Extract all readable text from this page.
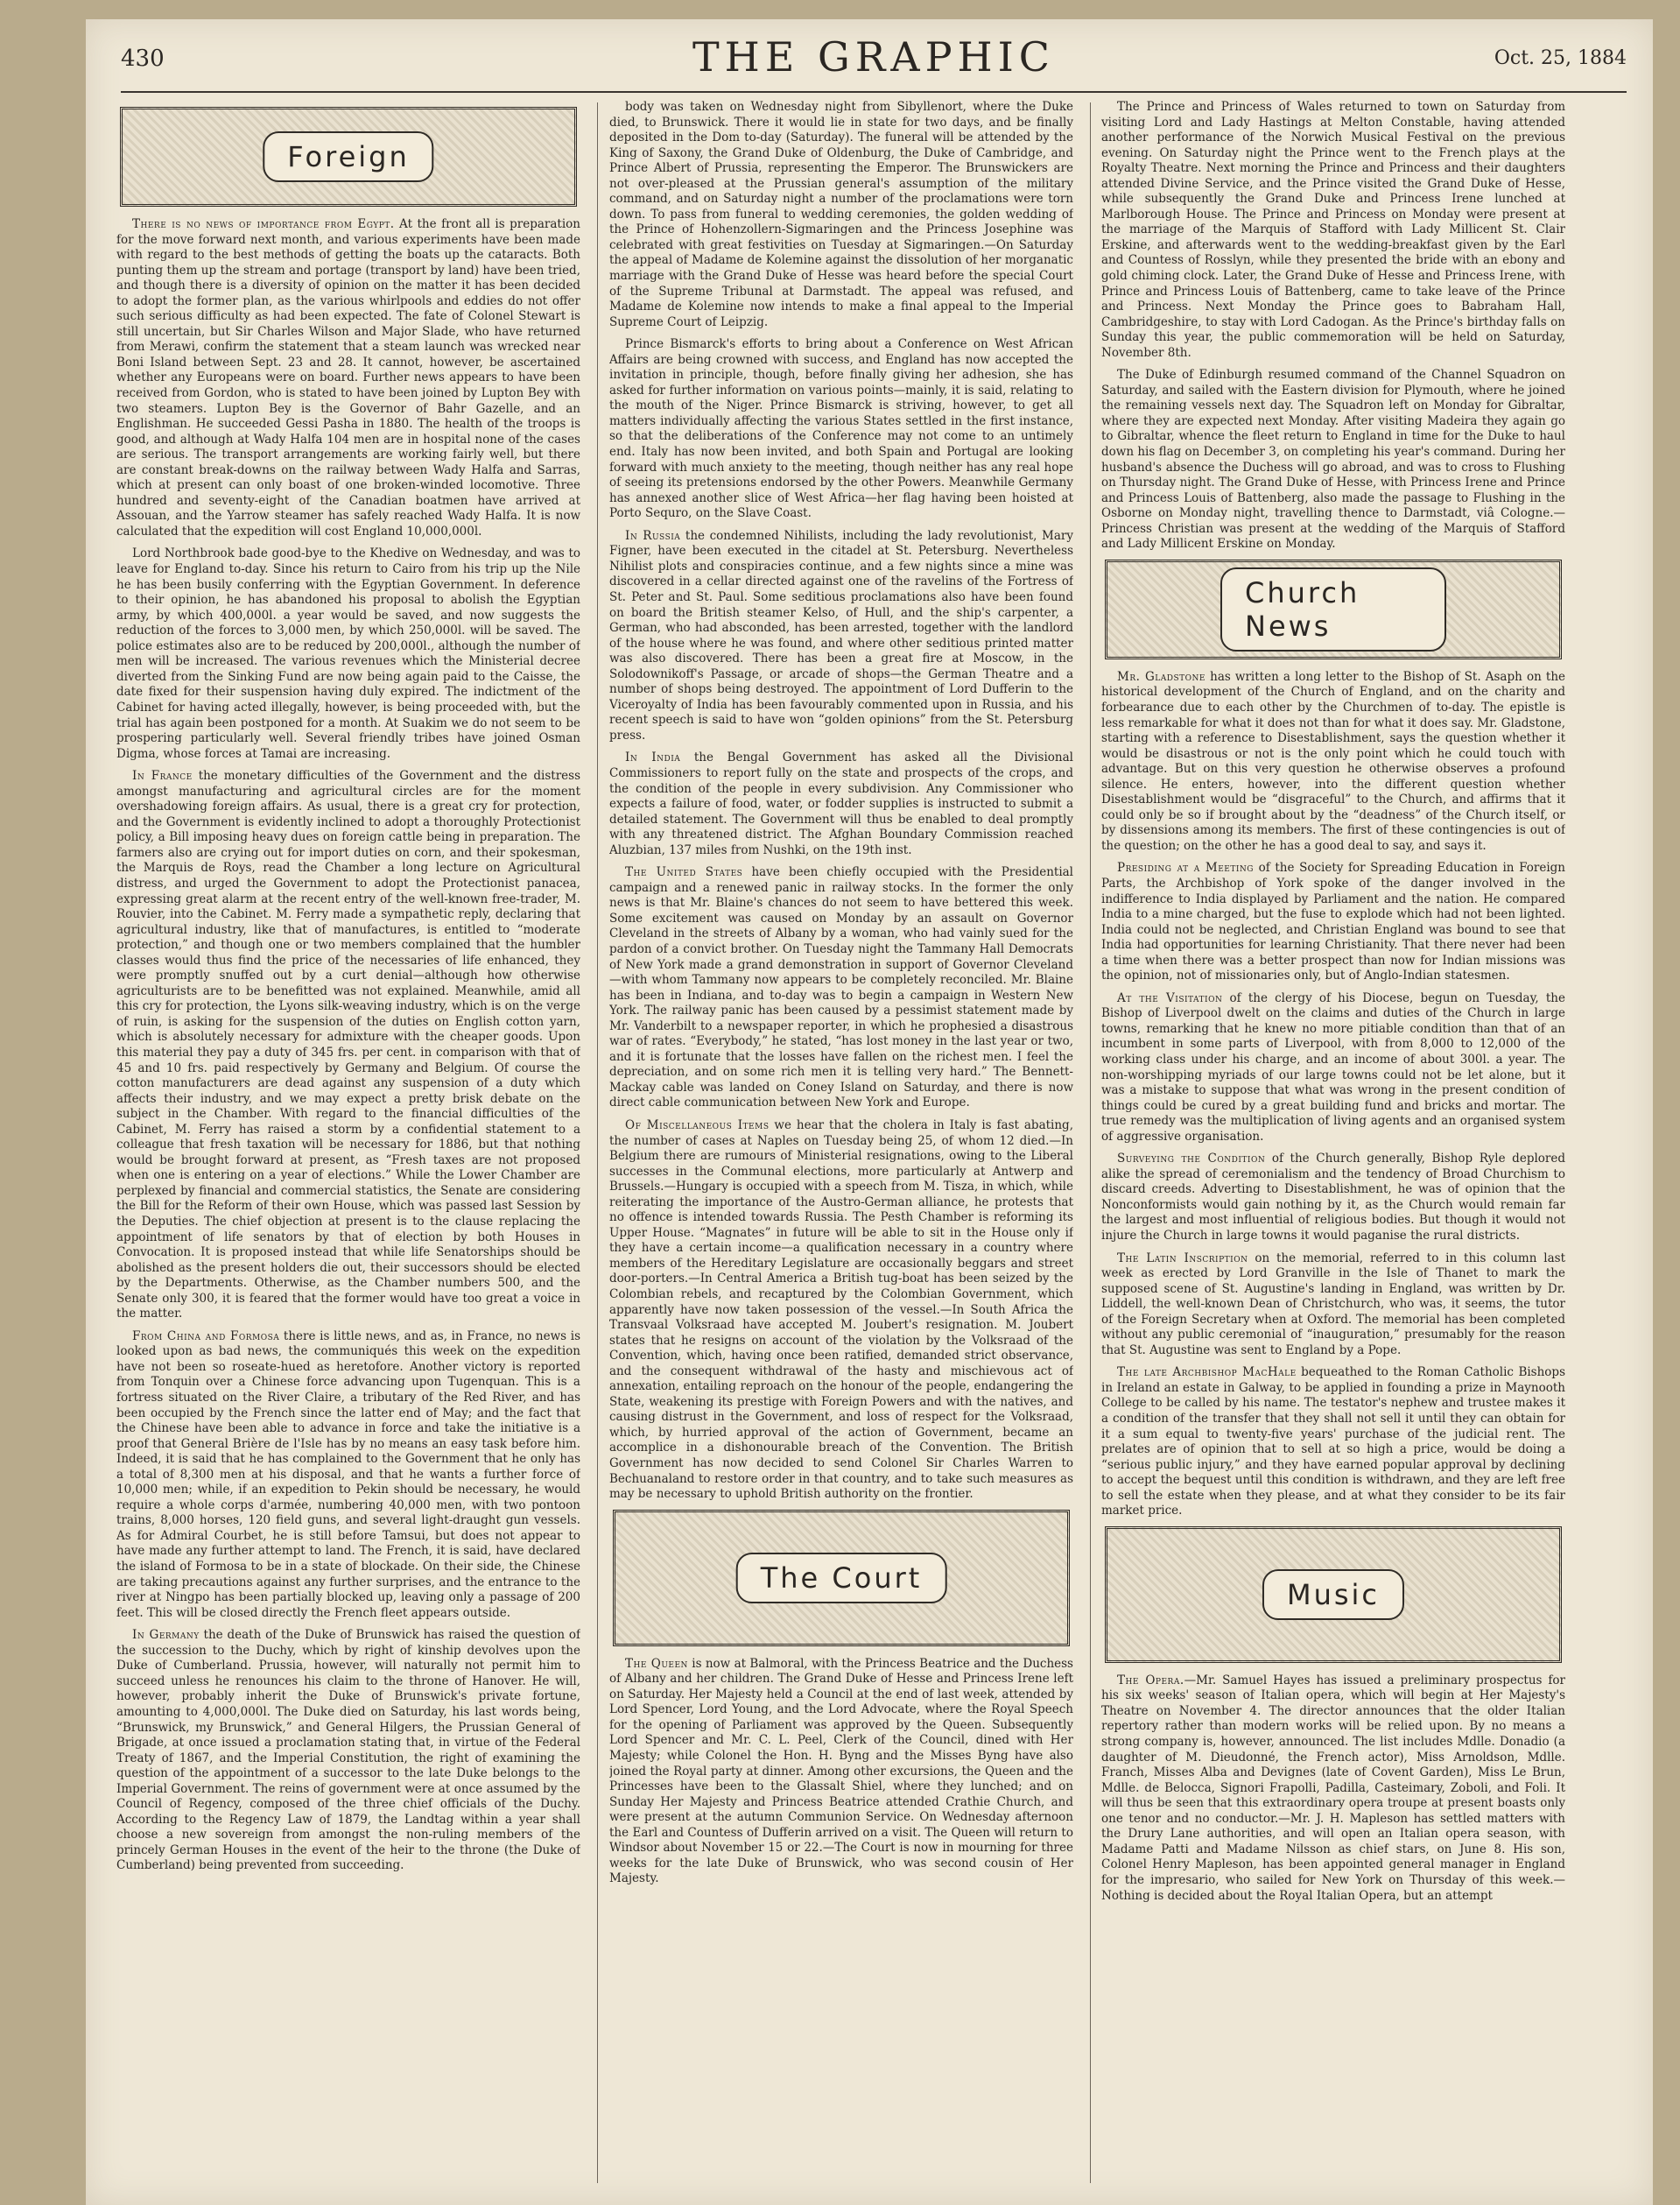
430	THE GRAPHIC	Oct. 25, 1884
Foreign

There is no news of importance from Egypt. At the front all is preparation for the move forward next month, and various experiments have been made with regard to the best methods of getting the boats up the cataracts. Both punting them up the stream and portage (transport by land) have been tried, and though there is a diversity of opinion on the matter it has been decided to adopt the former plan, as the various whirlpools and eddies do not offer such serious difficulty as had been expected. The fate of Colonel Stewart is still uncertain, but Sir Charles Wilson and Major Slade, who have returned from Merawi, confirm the statement that a steam launch was wrecked near Boni Island between Sept. 23 and 28. It cannot, however, be ascertained whether any Europeans were on board. Further news appears to have been received from Gordon, who is stated to have been joined by Lupton Bey with two steamers. Lupton Bey is the Governor of Bahr Gazelle, and an Englishman. He succeeded Gessi Pasha in 1880. The health of the troops is good, and although at Wady Halfa 104 men are in hospital none of the cases are serious. The transport arrangements are working fairly well, but there are constant break-downs on the railway between Wady Halfa and Sarras, which at present can only boast of one broken-winded locomotive. Three hundred and seventy-eight of the Canadian boatmen have arrived at Assouan, and the Yarrow steamer has safely reached Wady Halfa. It is now calculated that the expedition will cost England 10,000,000l.

Lord Northbrook bade good-bye to the Khedive on Wednesday, and was to leave for England to-day. Since his return to Cairo from his trip up the Nile he has been busily conferring with the Egyptian Government. In deference to their opinion, he has abandoned his proposal to abolish the Egyptian army, by which 400,000l. a year would be saved, and now suggests the reduction of the forces to 3,000 men, by which 250,000l. will be saved. The police estimates also are to be reduced by 200,000l., although the number of men will be increased. The various revenues which the Ministerial decree diverted from the Sinking Fund are now being again paid to the Caisse, the date fixed for their suspension having duly expired. The indictment of the Cabinet for having acted illegally, however, is being proceeded with, but the trial has again been postponed for a month. At Suakim we do not seem to be prospering particularly well. Several friendly tribes have joined Osman Digma, whose forces at Tamai are increasing.

In France the monetary difficulties of the Government and the distress amongst manufacturing and agricultural circles are for the moment overshadowing foreign affairs. As usual, there is a great cry for protection, and the Government is evidently inclined to adopt a thoroughly Protectionist policy, a Bill imposing heavy dues on foreign cattle being in preparation. The farmers also are crying out for import duties on corn, and their spokesman, the Marquis de Roys, read the Chamber a long lecture on Agricultural distress, and urged the Government to adopt the Protectionist panacea, expressing great alarm at the recent entry of the well-known free-trader, M. Rouvier, into the Cabinet. M. Ferry made a sympathetic reply, declaring that agricultural industry, like that of manufactures, is entitled to “moderate protection,” and though one or two members complained that the humbler classes would thus find the price of the necessaries of life enhanced, they were promptly snuffed out by a curt denial—although how otherwise agriculturists are to be benefitted was not explained. Meanwhile, amid all this cry for protection, the Lyons silk-weaving industry, which is on the verge of ruin, is asking for the suspension of the duties on English cotton yarn, which is absolutely necessary for admixture with the cheaper goods. Upon this material they pay a duty of 345 frs. per cent. in comparison with that of 45 and 10 frs. paid respectively by Germany and Belgium. Of course the cotton manufacturers are dead against any suspension of a duty which affects their industry, and we may expect a pretty brisk debate on the subject in the Chamber. With regard to the financial difficulties of the Cabinet, M. Ferry has raised a storm by a confidential statement to a colleague that fresh taxation will be necessary for 1886, but that nothing would be brought forward at present, as “Fresh taxes are not proposed when one is entering on a year of elections.” While the Lower Chamber are perplexed by financial and commercial statistics, the Senate are considering the Bill for the Reform of their own House, which was passed last Session by the Deputies. The chief objection at present is to the clause replacing the appointment of life senators by that of election by both Houses in Convocation. It is proposed instead that while life Senatorships should be abolished as the present holders die out, their successors should be elected by the Departments. Otherwise, as the Chamber numbers 500, and the Senate only 300, it is feared that the former would have too great a voice in the matter.

From China and Formosa there is little news, and as, in France, no news is looked upon as bad news, the communiqués this week on the expedition have not been so roseate-hued as heretofore. Another victory is reported from Tonquin over a Chinese force advancing upon Tugenquan. This is a fortress situated on the River Claire, a tributary of the Red River, and has been occupied by the French since the latter end of May; and the fact that the Chinese have been able to advance in force and take the initiative is a proof that General Brière de l'Isle has by no means an easy task before him. Indeed, it is said that he has complained to the Government that he only has a total of 8,300 men at his disposal, and that he wants a further force of 10,000 men; while, if an expedition to Pekin should be necessary, he would require a whole corps d'armée, numbering 40,000 men, with two pontoon trains, 8,000 horses, 120 field guns, and several light-draught gun vessels. As for Admiral Courbet, he is still before Tamsui, but does not appear to have made any further attempt to land. The French, it is said, have declared the island of Formosa to be in a state of blockade. On their side, the Chinese are taking precautions against any further surprises, and the entrance to the river at Ningpo has been partially blocked up, leaving only a passage of 200 feet. This will be closed directly the French fleet appears outside.

In Germany the death of the Duke of Brunswick has raised the question of the succession to the Duchy, which by right of kinship devolves upon the Duke of Cumberland. Prussia, however, will naturally not permit him to succeed unless he renounces his claim to the throne of Hanover. He will, however, probably inherit the Duke of Brunswick's private fortune, amounting to 4,000,000l. The Duke died on Saturday, his last words being, “Brunswick, my Brunswick,” and General Hilgers, the Prussian General of Brigade, at once issued a proclamation stating that, in virtue of the Federal Treaty of 1867, and the Imperial Constitution, the right of examining the question of the appointment of a successor to the late Duke belongs to the Imperial Government. The reins of government were at once assumed by the Council of Regency, composed of the three chief officials of the Duchy. According to the Regency Law of 1879, the Landtag within a year shall choose a new sovereign from amongst the non-ruling members of the princely German Houses in the event of the heir to the throne (the Duke of Cumberland) being prevented from succeeding.

body was taken on Wednesday night from Sibyllenort, where the Duke died, to Brunswick. There it would lie in state for two days, and be finally deposited in the Dom to-day (Saturday). The funeral will be attended by the King of Saxony, the Grand Duke of Oldenburg, the Duke of Cambridge, and Prince Albert of Prussia, representing the Emperor. The Brunswickers are not over-pleased at the Prussian general's assumption of the military command, and on Saturday night a number of the proclamations were torn down. To pass from funeral to wedding ceremonies, the golden wedding of the Prince of Hohenzollern-Sigmaringen and the Princess Josephine was celebrated with great festivities on Tuesday at Sigmaringen.—On Saturday the appeal of Madame de Kolemine against the dissolution of her morganatic marriage with the Grand Duke of Hesse was heard before the special Court of the Supreme Tribunal at Darmstadt. The appeal was refused, and Madame de Kolemine now intends to make a final appeal to the Imperial Supreme Court of Leipzig.

Prince Bismarck's efforts to bring about a Conference on West African Affairs are being crowned with success, and England has now accepted the invitation in principle, though, before finally giving her adhesion, she has asked for further information on various points—mainly, it is said, relating to the mouth of the Niger. Prince Bismarck is striving, however, to get all matters individually affecting the various States settled in the first instance, so that the deliberations of the Conference may not come to an untimely end. Italy has now been invited, and both Spain and Portugal are looking forward with much anxiety to the meeting, though neither has any real hope of seeing its pretensions endorsed by the other Powers. Meanwhile Germany has annexed another slice of West Africa—her flag having been hoisted at Porto Sequro, on the Slave Coast.

In Russia the condemned Nihilists, including the lady revolutionist, Mary Figner, have been executed in the citadel at St. Petersburg. Nevertheless Nihilist plots and conspiracies continue, and a few nights since a mine was discovered in a cellar directed against one of the ravelins of the Fortress of St. Peter and St. Paul. Some seditious proclamations also have been found on board the British steamer Kelso, of Hull, and the ship's carpenter, a German, who had absconded, has been arrested, together with the landlord of the house where he was found, and where other seditious printed matter was also discovered. There has been a great fire at Moscow, in the Solodownikoff's Passage, or arcade of shops—the German Theatre and a number of shops being destroyed. The appointment of Lord Dufferin to the Viceroyalty of India has been favourably commented upon in Russia, and his recent speech is said to have won “golden opinions” from the St. Petersburg press.

In India the Bengal Government has asked all the Divisional Commissioners to report fully on the state and prospects of the crops, and the condition of the people in every subdivision. Any Commissioner who expects a failure of food, water, or fodder supplies is instructed to submit a detailed statement. The Government will thus be enabled to deal promptly with any threatened district. The Afghan Boundary Commission reached Aluzbian, 137 miles from Nushki, on the 19th inst.

The United States have been chiefly occupied with the Presidential campaign and a renewed panic in railway stocks. In the former the only news is that Mr. Blaine's chances do not seem to have bettered this week. Some excitement was caused on Monday by an assault on Governor Cleveland in the streets of Albany by a woman, who had vainly sued for the pardon of a convict brother. On Tuesday night the Tammany Hall Democrats of New York made a grand demonstration in support of Governor Cleveland—with whom Tammany now appears to be completely reconciled. Mr. Blaine has been in Indiana, and to-day was to begin a campaign in Western New York. The railway panic has been caused by a pessimist statement made by Mr. Vanderbilt to a newspaper reporter, in which he prophesied a disastrous war of rates. “Everybody,” he stated, “has lost money in the last year or two, and it is fortunate that the losses have fallen on the richest men. I feel the depreciation, and on some rich men it is telling very hard.” The Bennett-Mackay cable was landed on Coney Island on Saturday, and there is now direct cable communication between New York and Europe.

Of Miscellaneous Items we hear that the cholera in Italy is fast abating, the number of cases at Naples on Tuesday being 25, of whom 12 died.—In Belgium there are rumours of Ministerial resignations, owing to the Liberal successes in the Communal elections, more particularly at Antwerp and Brussels.—Hungary is occupied with a speech from M. Tisza, in which, while reiterating the importance of the Austro-German alliance, he protests that no offence is intended towards Russia. The Pesth Chamber is reforming its Upper House. “Magnates” in future will be able to sit in the House only if they have a certain income—a qualification necessary in a country where members of the Hereditary Legislature are occasionally beggars and street door-porters.—In Central America a British tug-boat has been seized by the Colombian rebels, and recaptured by the Colombian Government, which apparently have now taken possession of the vessel.—In South Africa the Transvaal Volksraad have accepted M. Joubert's resignation. M. Joubert states that he resigns on account of the violation by the Volksraad of the Convention, which, having once been ratified, demanded strict observance, and the consequent withdrawal of the hasty and mischievous act of annexation, entailing reproach on the honour of the people, endangering the State, weakening its prestige with Foreign Powers and with the natives, and causing distrust in the Government, and loss of respect for the Volksraad, which, by hurried approval of the action of Government, became an accomplice in a dishonourable breach of the Convention. The British Government has now decided to send Colonel Sir Charles Warren to Bechuanaland to restore order in that country, and to take such measures as may be necessary to uphold British authority on the frontier.

The Court

The Queen is now at Balmoral, with the Princess Beatrice and the Duchess of Albany and her children. The Grand Duke of Hesse and Princess Irene left on Saturday. Her Majesty held a Council at the end of last week, attended by Lord Spencer, Lord Young, and the Lord Advocate, where the Royal Speech for the opening of Parliament was approved by the Queen. Subsequently Lord Spencer and Mr. C. L. Peel, Clerk of the Council, dined with Her Majesty; while Colonel the Hon. H. Byng and the Misses Byng have also joined the Royal party at dinner. Among other excursions, the Queen and the Princesses have been to the Glassalt Shiel, where they lunched; and on Sunday Her Majesty and Princess Beatrice attended Crathie Church, and were present at the autumn Communion Service. On Wednesday afternoon the Earl and Countess of Dufferin arrived on a visit. The Queen will return to Windsor about November 15 or 22.—The Court is now in mourning for three weeks for the late Duke of Brunswick, who was second cousin of Her Majesty.

The Prince and Princess of Wales returned to town on Saturday from visiting Lord and Lady Hastings at Melton Constable, having attended another performance of the Norwich Musical Festival on the previous evening. On Saturday night the Prince went to the French plays at the Royalty Theatre. Next morning the Prince and Princess and their daughters attended Divine Service, and the Prince visited the Grand Duke of Hesse, while subsequently the Grand Duke and Princess Irene lunched at Marlborough House. The Prince and Princess on Monday were present at the marriage of the Marquis of Stafford with Lady Millicent St. Clair Erskine, and afterwards went to the wedding-breakfast given by the Earl and Countess of Rosslyn, while they presented the bride with an ebony and gold chiming clock. Later, the Grand Duke of Hesse and Princess Irene, with Prince and Princess Louis of Battenberg, came to take leave of the Prince and Princess. Next Monday the Prince goes to Babraham Hall, Cambridgeshire, to stay with Lord Cadogan. As the Prince's birthday falls on Sunday this year, the public commemoration will be held on Saturday, November 8th.

The Duke of Edinburgh resumed command of the Channel Squadron on Saturday, and sailed with the Eastern division for Plymouth, where he joined the remaining vessels next day. The Squadron left on Monday for Gibraltar, where they are expected next Monday. After visiting Madeira they again go to Gibraltar, whence the fleet return to England in time for the Duke to haul down his flag on December 3, on completing his year's command. During her husband's absence the Duchess will go abroad, and was to cross to Flushing on Thursday night. The Grand Duke of Hesse, with Princess Irene and Prince and Princess Louis of Battenberg, also made the passage to Flushing in the Osborne on Monday night, travelling thence to Darmstadt, viâ Cologne.—Princess Christian was present at the wedding of the Marquis of Stafford and Lady Millicent Erskine on Monday.

Church News

Mr. Gladstone has written a long letter to the Bishop of St. Asaph on the historical development of the Church of England, and on the charity and forbearance due to each other by the Churchmen of to-day. The epistle is less remarkable for what it does not than for what it does say. Mr. Gladstone, starting with a reference to Disestablishment, says the question whether it would be disastrous or not is the only point which he could touch with advantage. But on this very question he otherwise observes a profound silence. He enters, however, into the different question whether Disestablishment would be “disgraceful” to the Church, and affirms that it could only be so if brought about by the “deadness” of the Church itself, or by dissensions among its members. The first of these contingencies is out of the question; on the other he has a good deal to say, and says it.

Presiding at a Meeting of the Society for Spreading Education in Foreign Parts, the Archbishop of York spoke of the danger involved in the indifference to India displayed by Parliament and the nation. He compared India to a mine charged, but the fuse to explode which had not been lighted. India could not be neglected, and Christian England was bound to see that India had opportunities for learning Christianity. That there never had been a time when there was a better prospect than now for Indian missions was the opinion, not of missionaries only, but of Anglo-Indian statesmen.

At the Visitation of the clergy of his Diocese, begun on Tuesday, the Bishop of Liverpool dwelt on the claims and duties of the Church in large towns, remarking that he knew no more pitiable condition than that of an incumbent in some parts of Liverpool, with from 8,000 to 12,000 of the working class under his charge, and an income of about 300l. a year. The non-worshipping myriads of our large towns could not be let alone, but it was a mistake to suppose that what was wrong in the present condition of things could be cured by a great building fund and bricks and mortar. The true remedy was the multiplication of living agents and an organised system of aggressive organisation.

Surveying the Condition of the Church generally, Bishop Ryle deplored alike the spread of ceremonialism and the tendency of Broad Churchism to discard creeds. Adverting to Disestablishment, he was of opinion that the Nonconformists would gain nothing by it, as the Church would remain far the largest and most influential of religious bodies. But though it would not injure the Church in large towns it would paganise the rural districts.

The Latin Inscription on the memorial, referred to in this column last week as erected by Lord Granville in the Isle of Thanet to mark the supposed scene of St. Augustine's landing in England, was written by Dr. Liddell, the well-known Dean of Christchurch, who was, it seems, the tutor of the Foreign Secretary when at Oxford. The memorial has been completed without any public ceremonial of “inauguration,” presumably for the reason that St. Augustine was sent to England by a Pope.

The late Archbishop MacHale bequeathed to the Roman Catholic Bishops in Ireland an estate in Galway, to be applied in founding a prize in Maynooth College to be called by his name. The testator's nephew and trustee makes it a condition of the transfer that they shall not sell it until they can obtain for it a sum equal to twenty-five years' purchase of the judicial rent. The prelates are of opinion that to sell at so high a price, would be doing a “serious public injury,” and they have earned popular approval by declining to accept the bequest until this condition is withdrawn, and they are left free to sell the estate when they please, and at what they consider to be its fair market price.

Music

The Opera.—Mr. Samuel Hayes has issued a preliminary prospectus for his six weeks' season of Italian opera, which will begin at Her Majesty's Theatre on November 4. The director announces that the older Italian repertory rather than modern works will be relied upon. By no means a strong company is, however, announced. The list includes Mdlle. Donadio (a daughter of M. Dieudonné, the French actor), Miss Arnoldson, Mdlle. Franch, Misses Alba and Devignes (late of Covent Garden), Miss Le Brun, Mdlle. de Belocca, Signori Frapolli, Padilla, Casteimary, Zoboli, and Foli. It will thus be seen that this extraordinary opera troupe at present boasts only one tenor and no conductor.—Mr. J. H. Mapleson has settled matters with the Drury Lane authorities, and will open an Italian opera season, with Madame Patti and Madame Nilsson as chief stars, on June 8. His son, Colonel Henry Mapleson, has been appointed general manager in England for the impresario, who sailed for New York on Thursday of this week.—Nothing is decided about the Royal Italian Opera, but an attempt
